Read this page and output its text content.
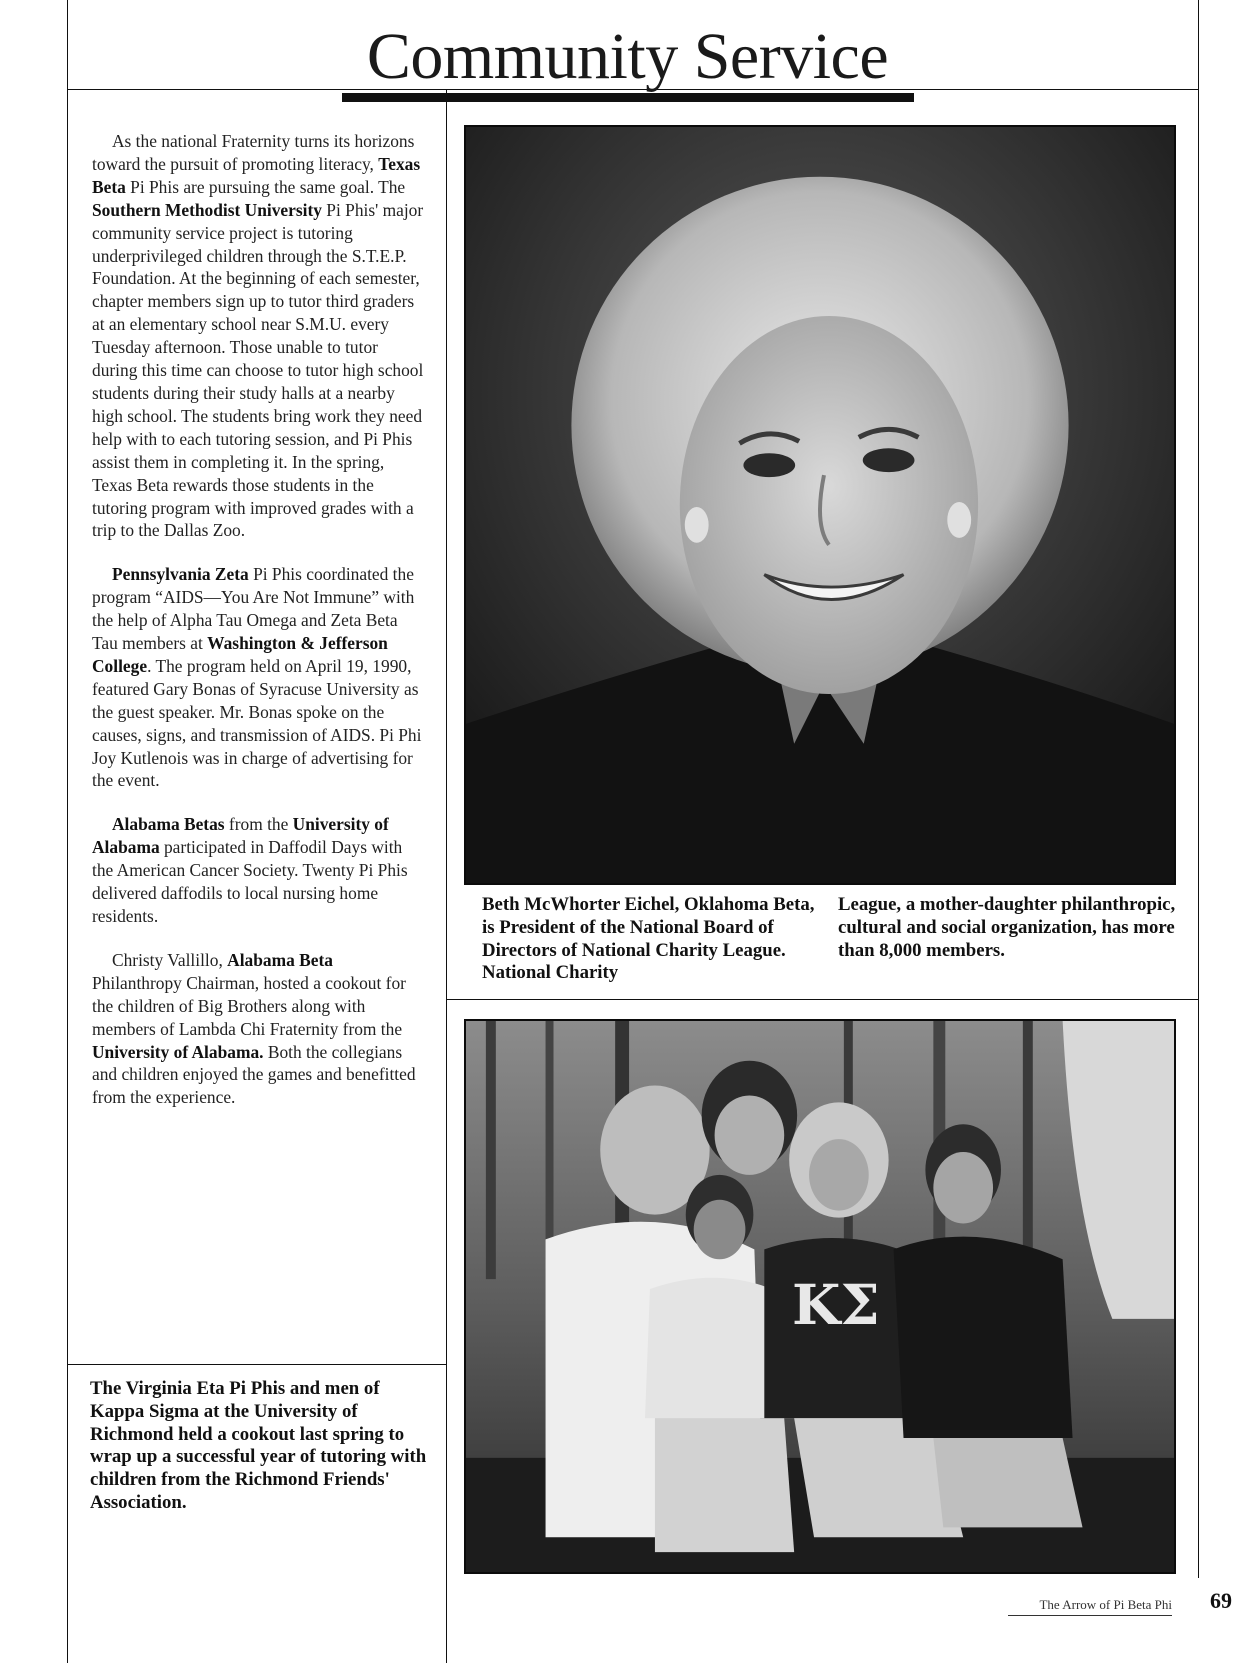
Community Service

As the national Fraternity turns its horizons toward the pursuit of promoting literacy, Texas Beta Pi Phis are pursuing the same goal. The Southern Methodist University Pi Phis' major community service project is tutoring underprivileged children through the S.T.E.P. Foundation. At the beginning of each semester, chapter members sign up to tutor third graders at an elementary school near S.M.U. every Tuesday afternoon. Those unable to tutor during this time can choose to tutor high school students during their study halls at a nearby high school. The students bring work they need help with to each tutoring session, and Pi Phis assist them in completing it. In the spring, Texas Beta rewards those students in the tutoring program with improved grades with a trip to the Dallas Zoo.

Pennsylvania Zeta Pi Phis coordinated the program “AIDS—You Are Not Immune” with the help of Alpha Tau Omega and Zeta Beta Tau members at Washington & Jefferson College. The program held on April 19, 1990, featured Gary Bonas of Syracuse University as the guest speaker. Mr. Bonas spoke on the causes, signs, and transmission of AIDS. Pi Phi Joy Kutlenois was in charge of advertising for the event.

Alabama Betas from the University of Alabama participated in Daffodil Days with the American Cancer Society. Twenty Pi Phis delivered daffodils to local nursing home residents.

Christy Vallillo, Alabama Beta Philanthropy Chairman, hosted a cookout for the children of Big Brothers along with members of Lambda Chi Fraternity from the University of Alabama. Both the collegians and children enjoyed the games and benefitted from the experience.

Beth McWhorter Eichel, Oklahoma Beta, is President of the National Board of Directors of National Charity League. National Charity
League, a mother-daughter philanthropic, cultural and social organization, has more than 8,000 members.
KΣ
The Virginia Eta Pi Phis and men of Kappa Sigma at the University of Richmond held a cookout last spring to wrap up a successful year of tutoring with children from the Richmond Friends' Association.
The Arrow of Pi Beta Phi 69
